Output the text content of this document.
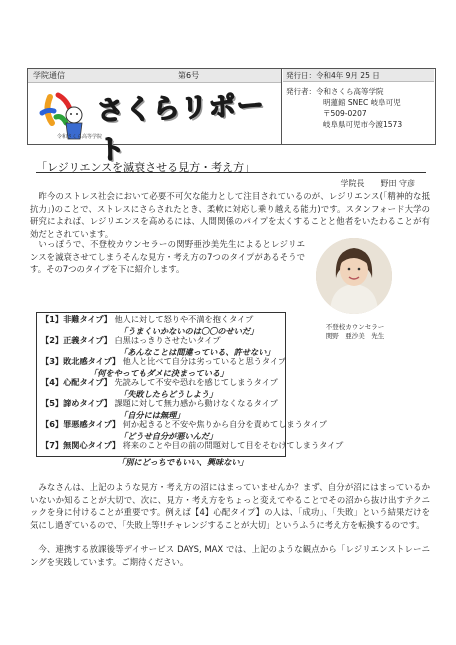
学院通信	第6号
令和さくら高等学院
さくらリポート
発行日：令和4年 9月 25 日
発行者：令和さくら高等学院
明蓮館 SNEC 岐阜可児
〒509-0207
岐阜県可児市今渡1573
「レジリエンスを滅衰させる見方・考え方」
学院長　　野田 守彦
昨今のストレス社会において必要不可欠な能力として注目されているのが、レジリエンス(「精神的な抵抗力」)のことで、ストレスにさらされたとき、柔軟に対応し乗り越える能力)です。スタンフォード大学の研究によれば、レジリエンスを高めるには、人間関係のパイプを太くすることと他者をいたわることが有効だとされています。
いっぽうで、不登校カウンセラーの関野亜沙美先生によるとレジリエンスを滅衰させてしまうそんな見方・考え方の7つのタイプがあるそうです。その7つのタイプを下に紹介します。
不登校カウンセラー
関野　亜沙美　先生
【1】非難タイプ】 他人に対して怒りや不満を抱くタイプ
「うまくいかないのは〇〇のせいだ」
【2】正義タイプ】 白黒はっきりさせたいタイプ
「あんなことは間違っている、許せない」
【3】敗北感タイプ】 他人と比べて自分は劣っていると思うタイプ
「何をやってもダメに決まっている」
【4】心配タイプ】 先読みして不安や恐れを感じてしまうタイプ
「失敗したらどうしよう」
【5】諦めタイプ】 課題に対して無力感から動けなくなるタイプ
「自分には無理」
【6】罪悪感タイプ】 何か起きると不安や焦りから自分を責めてしまうタイプ
「どうせ自分が悪いんだ」
【7】無関心タイプ】 将来のことや目の前の問題対して目をそむけてしまうタイプ
「別にどっちでもいい、興味ない」
みなさんは、上記のような見方・考え方の沼にはまっていませんか？まず、自分が沼にはまっているかいないか知ることが大切で、次に、見方・考え方をちょっと変えてやることでその沼から抜け出すテクニックを身に付けることが重要です。例えば【4】心配タイプ】の人は、「成功」、「失敗」という結果だけを気にし過ぎているので、「失敗上等!!チャレンジすることが大切」というふうに考え方を転換するのです。
今、連携する放課後等デイサービス DAYS, MAX では、上記のような観点から「レジリエンストレーニングを実践しています。ご期待ください。
